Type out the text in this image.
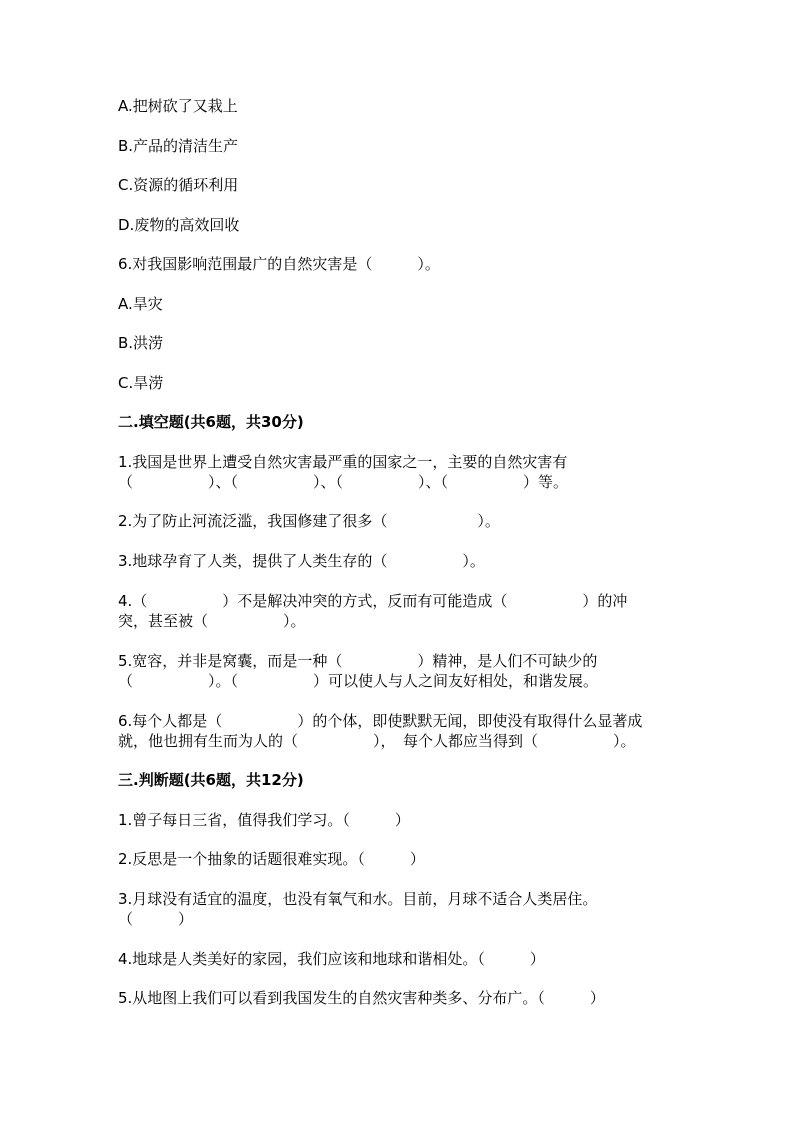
A.把树砍了又栽上
B.产品的清洁生产
C.资源的循环利用
D.废物的高效回收
6.对我国影响范围最广的自然灾害是（　　　）。
A.旱灾
B.洪涝
C.旱涝
二.填空题(共6题，共30分)
1.我国是世界上遭受自然灾害最严重的国家之一，主要的自然灾害有
（　　　　　）、（　　　　　）、（　　　　　）、（　　　　　）等。
2.为了防止河流泛滥，我国修建了很多（　　　　　　）。
3.地球孕育了人类，提供了人类生存的（　　　　　）。
4.（　　　　　）不是解决冲突的方式，反而有可能造成（　　　　　）的冲
突，甚至被（　　　　　）。
5.宽容，并非是窝囊，而是一种（　　　　　）精神，是人们不可缺少的
（　　　　　）。（　　　　　）可以使人与人之间友好相处，和谐发展。
6.每个人都是（　　　　　）的个体，即使默默无闻，即使没有取得什么显著成
就，他也拥有生而为人的（　　　　　），　每个人都应当得到（　　　　　）。
三.判断题(共6题，共12分)
1.曾子每日三省，值得我们学习。（　　　）
2.反思是一个抽象的话题很难实现。（　　　）
3.月球没有适宜的温度，也没有氧气和水。目前，月球不适合人类居住。
（　　　）
4.地球是人类美好的家园，我们应该和地球和谐相处。（　　　）
5.从地图上我们可以看到我国发生的自然灾害种类多、分布广。（　　　）
